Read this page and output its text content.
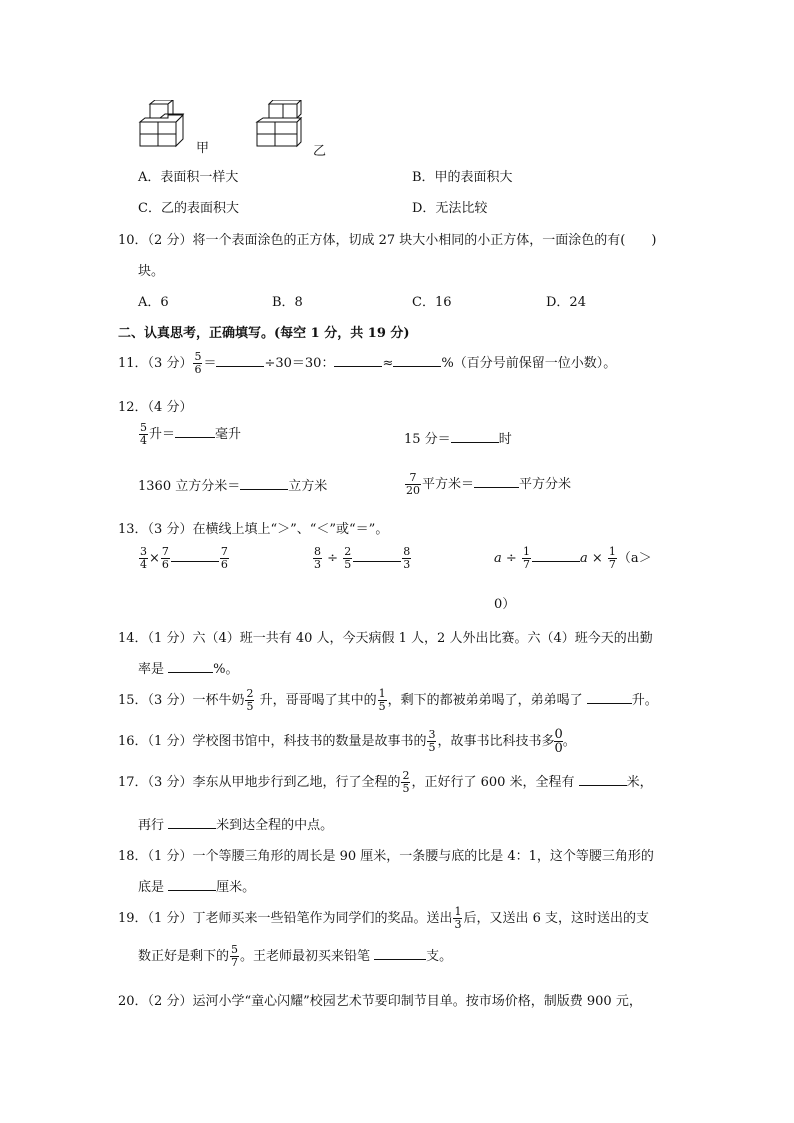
甲	乙
A．表面积一样大	B．甲的表面积大
C．乙的表面积大	D．无法比较
10．（2 分）将一个表面涂色的正方体，切成 27 块大小相同的小正方体，一面涂色的有(　　)
块。
A．6	B．8	C．16	D．24
二、认真思考，正确填写。(每空 1 分，共 19 分)
11．（3 分） $\frac{5}{6}$ ＝	÷30＝30：	≈	%（百分号前保留一位小数）。
12．（4 分）
$\frac{5}{4}$ 升＝	毫升	15 分＝	时
1360 立方分米＝	立方米	$\frac{7}{20}$ 平方米＝	平方分米
13．（3 分）在横线上填上“＞”、“＜”或“＝”。
$\frac{3}{4} \times \frac{7}{6}$	$\frac{7}{6}$	$\frac{8}{3} \div \frac{2}{5}$	$\frac{8}{3}$	$a \div \frac{1}{7}$	$a \times \frac{1}{7} (a>$
0）
14．（1 分）六（4）班一共有 40 人，今天病假 1 人，2 人外出比赛。六（4）班今天的出勤
率是	%。
15．（3 分）一杯牛奶 $\frac{2}{5}$ 升，哥哥喝了其中的 $\frac{1}{5}$ ，剩下的都被弟弟喝了，弟弟喝了	升。
16．（1 分）学校图书馆中，科技书的数量是故事书的 $\frac{3}{5}$ ，故事书比科技书多 $\frac{0}{0}$ 。
17．（3 分）李东从甲地步行到乙地，行了全程的 $\frac{2}{5}$ ，正好行了 600 米，全程有	米，
再行	米到达全程的中点。
18．（1 分）一个等腰三角形的周长是 90 厘米，一条腰与底的比是 4：1，这个等腰三角形的
底是	厘米。
19．（1 分）丁老师买来一些铅笔作为同学们的奖品。送出 $\frac{1}{3}$ 后，又送出 6 支，这时送出的支
数正好是剩下的 $\frac{5}{7}$ 。王老师最初买来铅笔	支。
20．（2 分）运河小学“童心闪耀”校园艺术节要印制节目单。按市场价格，制版费 900 元，
